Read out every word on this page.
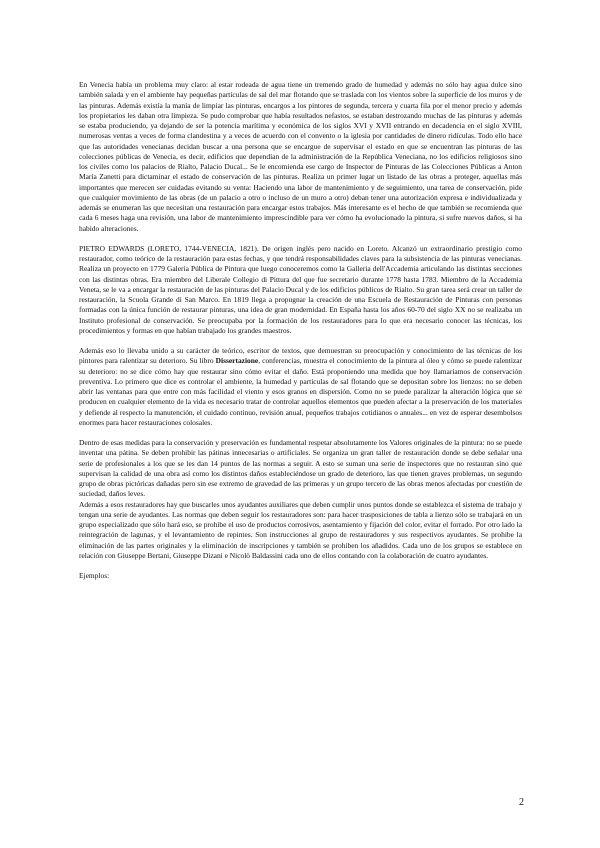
En Venecia había un problema muy claro: al estar rodeada de agua tiene un tremendo grado de humedad y además no sólo hay agua dulce sino también salada y en el ambiente hay pequeñas partículas de sal del mar flotando que se traslada con los vientos sobre la superficie de los muros y de las pinturas. Además existía la manía de limpiar las pinturas, encargos a los pintores de segunda, tercera y cuarta fila por el menor precio y además los propietarios les daban otra limpieza. Se pudo comprobar que había resultados nefastos, se estaban destrozando muchas de las pinturas y además se estaba produciendo, ya dejando de ser la potencia marítima y económica de los siglos XVI y XVII entrando en decadencia en el siglo XVIII, numerosas ventas a veces de forma clandestina y a veces de acuerdo con el convento o la iglesia por cantidades de dinero ridículas. Todo ello hace que las autoridades venecianas decidan buscar a una persona que se encargue de supervisar el estado en que se encuentran las pinturas de las colecciones públicas de Venecia, es decir, edificios que dependían de la administración de la República Veneciana, no los edificios religiosos sino los civiles como los palacios de Rialto, Palacio Ducal... Se le encomienda ese cargo de Inspector de Pinturas de las Colecciones Públicas a Anton María Zanetti para dictaminar el estado de conservación de las pinturas. Realiza un primer lugar un listado de las obras a proteger, aquellas más importantes que merecen ser cuidadas evitando su venta: Haciendo una labor de mantenimiento y de seguimiento, una tarea de conservación, pide que cualquier movimiento de las obras (de un palacio a otro o incluso de un muro a otro) deban tener una autorización expresa e individualizada y además se enumeran las que necesitan una restauración para encargar estos trabajos. Más interesante es el hecho de que también se recomienda que cada 6 meses haga una revisión, una labor de mantenimiento imprescindible para ver cómo ha evolucionado la pintura, si sufre nuevos daños, si ha habido alteraciones.

PIETRO EDWARDS (LORETO, 1744-VENECIA, 1821). De origen inglés pero nacido en Loreto. Alcanzó un extraordinario prestigio como restaurador, como teórico de la restauración para estas fechas, y que tendrá responsabilidades claves para la subsistencia de las pinturas venecianas. Realiza un proyecto en 1779 Galería Pública de Pintura que luego conoceremos como la Galleria dell'Accademia articulando las distintas secciones con las distintas obras. Era miembro del Liberale Collegio di Pittura del que fue secretario durante 1778 hasta 1783. Miembro de la Accademia Veneta, se le va a encargar la restauración de las pinturas del Palacio Ducal y de los edificios públicos de Rialto. Su gran tarea será crear un taller de restauración, la Scuola Grande di San Marco. En 1819 llega a propugnar la creación de una Escuela de Restauración de Pinturas con personas formadas con la única función de restaurar pinturas, una idea de gran modernidad. En España hasta los años 60-70 del siglo XX no se realizaba un Instituto profesional de conservación. Se preocupaba por la formación de los restauradores para lo que era necesario conocer las técnicas, los procedimientos y formas en que habían trabajado los grandes maestros.

Además eso lo llevaba unido a su carácter de teórico, escritor de textos, que demuestran su preocupación y conocimiento de las técnicas de los pintores para ralentizar su deterioro. Su libro Dissertazione, conferencias, muestra el conocimiento de la pintura al óleo y cómo se puede ralentizar su deterioro: no se dice cómo hay que restaurar sino cómo evitar el daño. Está proponiendo una medida que hoy llamaríamos de conservación preventiva. Lo primero que dice es controlar el ambiente, la humedad y partículas de sal flotando que se depositan sobre los lienzos: no se deben abrir las ventanas para que entre con más facilidad el viento y esos granos en dispersión. Como no se puede paralizar la alteración lógica que se producen en cualquier elemento de la vida es necesario tratar de controlar aquellos elementos que pueden afectar a la preservación de los materiales y defiende al respecto la manutención, el cuidado continuo, revisión anual, pequeños trabajos cotidianos o anuales... en vez de esperar desembolsos enormes para hacer restauraciones colosales.

Dentro de esas medidas para la conservación y preservación es fundamental respetar absolutamente los Valores originales de la pintura: no se puede inventar una pátina. Se deben prohibir las pátinas innecesarias o artificiales. Se organiza un gran taller de restauración donde se debe señalar una serie de profesionales a los que se les dan 14 puntos de las normas a seguir. A esto se suman una serie de inspectores que no restauran sino que supervisan la calidad de una obra así como los distintos daños estableciéndose un grado de deterioro, las que tienen graves problemas, un segundo grupo de obras pictóricas dañadas pero sin ese extremo de gravedad de las primeras y un grupo tercero de las obras menos afectadas por cuestión de suciedad, daños leves.

Además a esos restauradores hay que buscarles unos ayudantes auxiliares que deben cumplir unos puntos donde se establezca el sistema de trabajo y tengan una serie de ayudantes. Las normas que deben seguir los restauradores son: para hacer trasposiciones de tabla a lienzo sólo se trabajará en un grupo especializado que sólo hará eso, se prohibe el uso de productos corrosivos, asentamiento y fijación del color, evitar el forrado. Por otro lado la reintegración de lagunas, y el levantamiento de repintes. Son instrucciones al grupo de restauradores y sus respectivos ayudantes. Se prohibe la eliminación de las partes originales y la eliminación de inscripciones y también se prohiben los añadidos. Cada uno de los grupos se establece en relación con Giuseppe Bertani, Giuseppe Dizani e Nicolò Baldassini cada uno de ellos contando con la colaboración de cuatro ayudantes.

Ejemplos:

2
